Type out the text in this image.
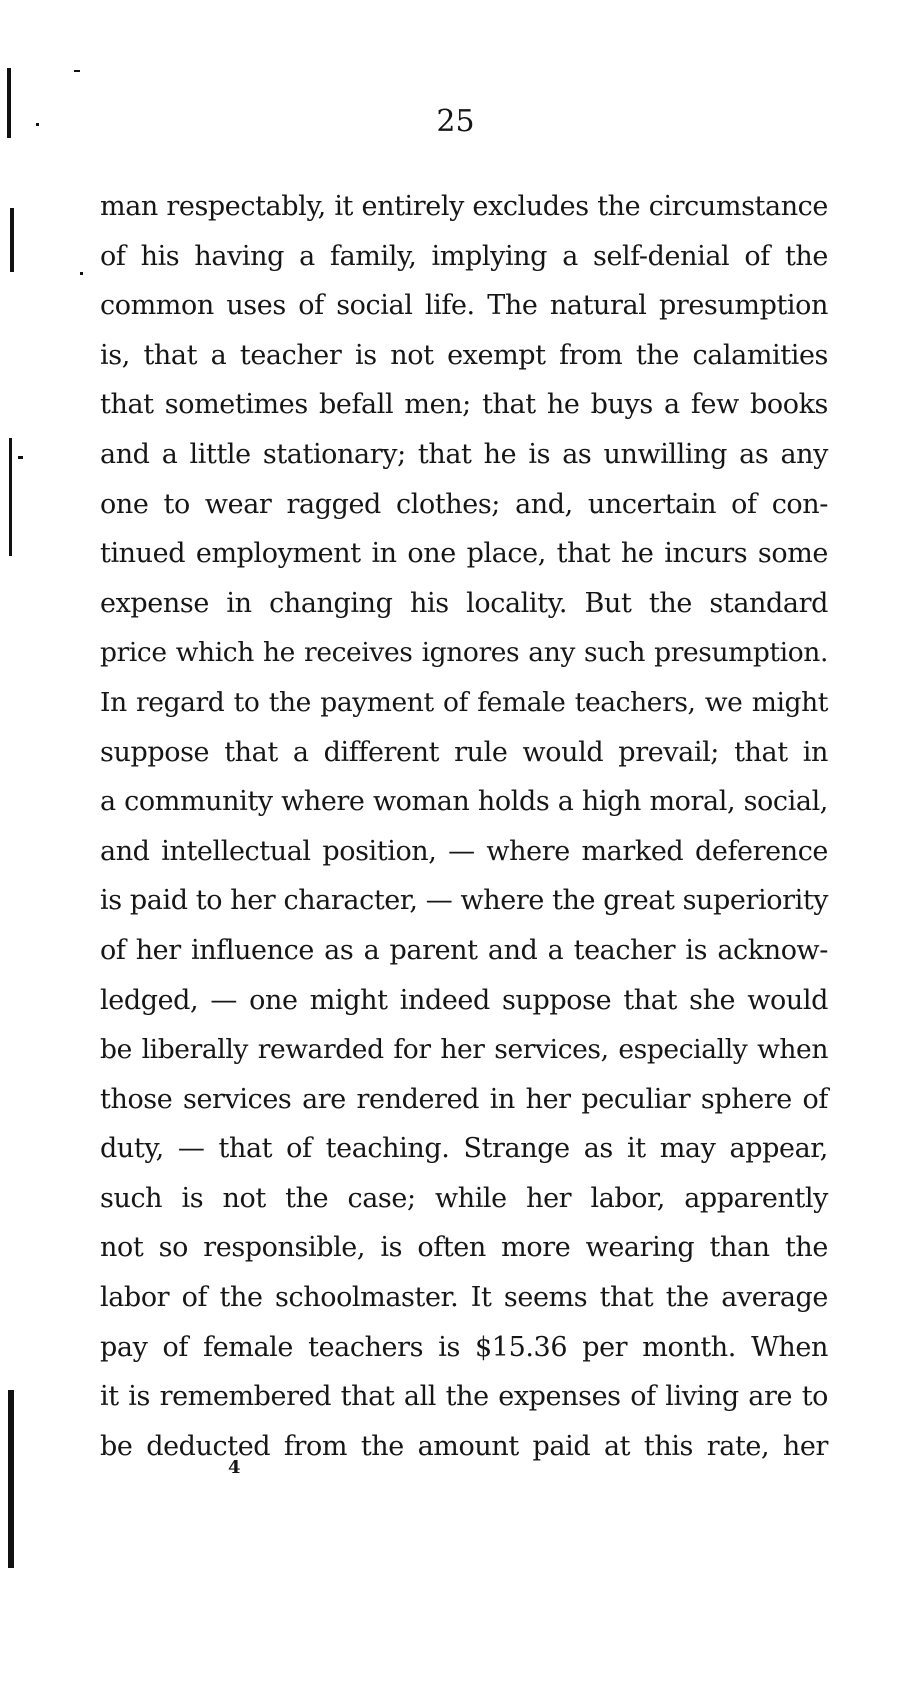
25
man respectably, it entirely excludes the circumstance
of his having a family, implying a self-denial of the
common uses of social life. The natural presumption
is, that a teacher is not exempt from the calamities
that sometimes befall men; that he buys a few books
and a little stationary; that he is as unwilling as any
one to wear ragged clothes; and, uncertain of con-
tinued employment in one place, that he incurs some
expense in changing his locality. But the standard
price which he receives ignores any such presumption.
In regard to the payment of female teachers, we might
suppose that a different rule would prevail; that in
a community where woman holds a high moral, social,
and intellectual position, — where marked deference
is paid to her character, — where the great superiority
of her influence as a parent and a teacher is acknow-
ledged, — one might indeed suppose that she would
be liberally rewarded for her services, especially when
those services are rendered in her peculiar sphere of
duty, — that of teaching. Strange as it may appear,
such is not the case; while her labor, apparently
not so responsible, is often more wearing than the
labor of the schoolmaster. It seems that the average
pay of female teachers is $15.36 per month. When
it is remembered that all the expenses of living are to
be deducted from the amount paid at this rate, her
4
